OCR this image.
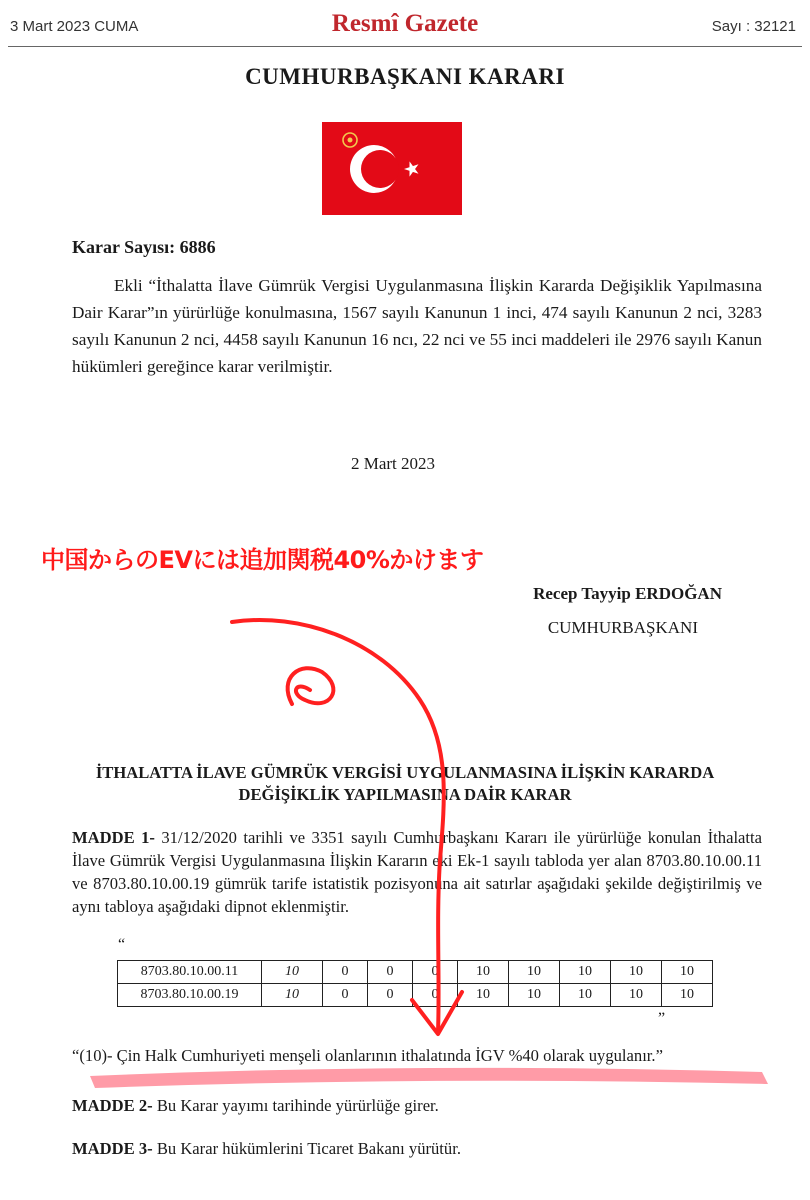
3 Mart 2023 CUMA	Resmî Gazete	Sayı : 32121
CUMHURBAŞKANI KARARI
Karar Sayısı: 6886

Ekli “İthalatta İlave Gümrük Vergisi Uygulanmasına İlişkin Kararda Değişiklik Yapılmasına Dair Karar”ın yürürlüğe konulmasına, 1567 sayılı Kanunun 1 inci, 474 sayılı Kanunun 2 nci, 3283 sayılı Kanunun 2 nci, 4458 sayılı Kanunun 16 ncı, 22 nci ve 55 inci maddeleri ile 2976 sayılı Kanun hükümleri gereğince karar verilmiştir.

2 Mart 2023
中国からのEVには追加関税40%かけます
Recep Tayyip ERDOĞAN
CUMHURBAŞKANI
İTHALATTA İLAVE GÜMRÜK VERGİSİ UYGULANMASINA İLİŞKİN KARARDA
DEĞİŞİKLİK YAPILMASINA DAİR KARAR

MADDE 1- 31/12/2020 tarihli ve 3351 sayılı Cumhurbaşkanı Kararı ile yürürlüğe konulan İthalatta İlave Gümrük Vergisi Uygulanmasına İlişkin Kararın eki Ek-1 sayılı tabloda yer alan 8703.80.10.00.11 ve 8703.80.10.00.19 gümrük tarife istatistik pozisyonuna ait satırlar aşağıdaki şekilde değiştirilmiş ve aynı tabloya aşağıdaki dipnot eklenmiştir.

“
8703.80.10.00.11	10	0	0	0	10	10	10	10	10
8703.80.10.00.19	10	0	0	0	10	10	10	10	10
”
“(10)- Çin Halk Cumhuriyeti menşeli olanlarının ithalatında İGV %40 olarak uygulanır.”
MADDE 2- Bu Karar yayımı tarihinde yürürlüğe girer.
MADDE 3- Bu Karar hükümlerini Ticaret Bakanı yürütür.
